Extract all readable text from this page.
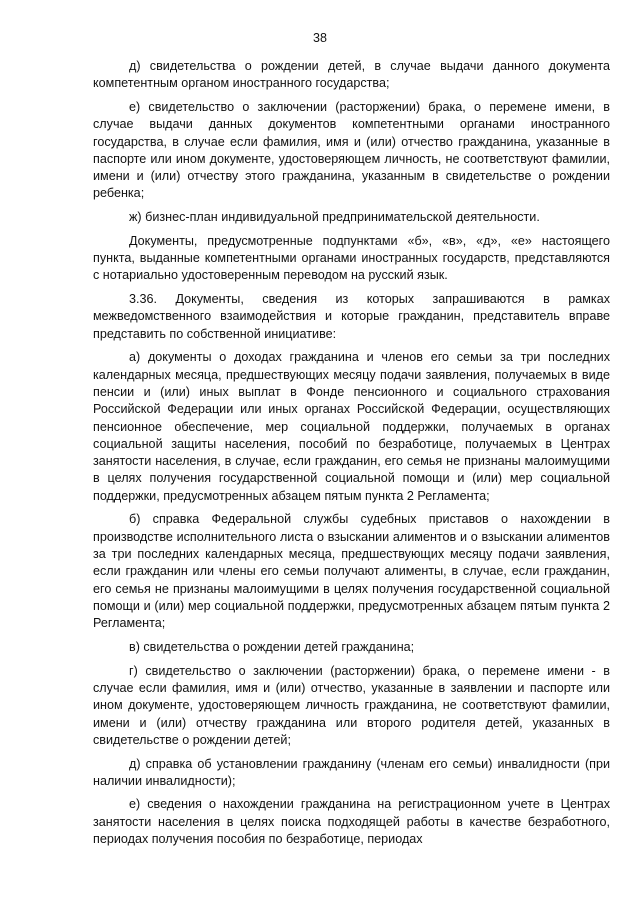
38

д) свидетельства о рождении детей, в случае выдачи данного документа компетентным органом иностранного государства;

е) свидетельство о заключении (расторжении) брака, о перемене имени, в случае выдачи данных документов компетентными органами иностранного государства, в случае если фамилия, имя и (или) отчество гражданина, указанные в паспорте или ином документе, удостоверяющем личность, не соответствуют фамилии, имени и (или) отчеству этого гражданина, указанным в свидетельстве о рождении ребенка;

ж) бизнес-план индивидуальной предпринимательской деятельности.

Документы, предусмотренные подпунктами «б», «в», «д», «е» настоящего пункта, выданные компетентными органами иностранных государств, представляются с нотариально удостоверенным переводом на русский язык.

3.36. Документы, сведения из которых запрашиваются в рамках межведомственного взаимодействия и которые гражданин, представитель вправе представить по собственной инициативе:

а) документы о доходах гражданина и членов его семьи за три последних календарных месяца, предшествующих месяцу подачи заявления, получаемых в виде пенсии и (или) иных выплат в Фонде пенсионного и социального страхования Российской Федерации или иных органах Российской Федерации, осуществляющих пенсионное обеспечение, мер социальной поддержки, получаемых в органах социальной защиты населения, пособий по безработице, получаемых в Центрах занятости населения, в случае, если гражданин, его семья не признаны малоимущими в целях получения государственной социальной помощи и (или) мер социальной поддержки, предусмотренных абзацем пятым пункта 2 Регламента;

б) справка Федеральной службы судебных приставов о нахождении в производстве исполнительного листа о взыскании алиментов и о взыскании алиментов за три последних календарных месяца, предшествующих месяцу подачи заявления, если гражданин или члены его семьи получают алименты, в случае, если гражданин, его семья не признаны малоимущими в целях получения государственной социальной помощи и (или) мер социальной поддержки, предусмотренных абзацем пятым пункта 2 Регламента;

в) свидетельства о рождении детей гражданина;

г) свидетельство о заключении (расторжении) брака, о перемене имени - в случае если фамилия, имя и (или) отчество, указанные в заявлении и паспорте или ином документе, удостоверяющем личность гражданина, не соответствуют фамилии, имени и (или) отчеству гражданина или второго родителя детей, указанных в свидетельстве о рождении детей;

д) справка об установлении гражданину (членам его семьи) инвалидности (при наличии инвалидности);

е) сведения о нахождении гражданина на регистрационном учете в Центрах занятости населения в целях поиска подходящей работы в качестве безработного, периодах получения пособия по безработице, периодах
